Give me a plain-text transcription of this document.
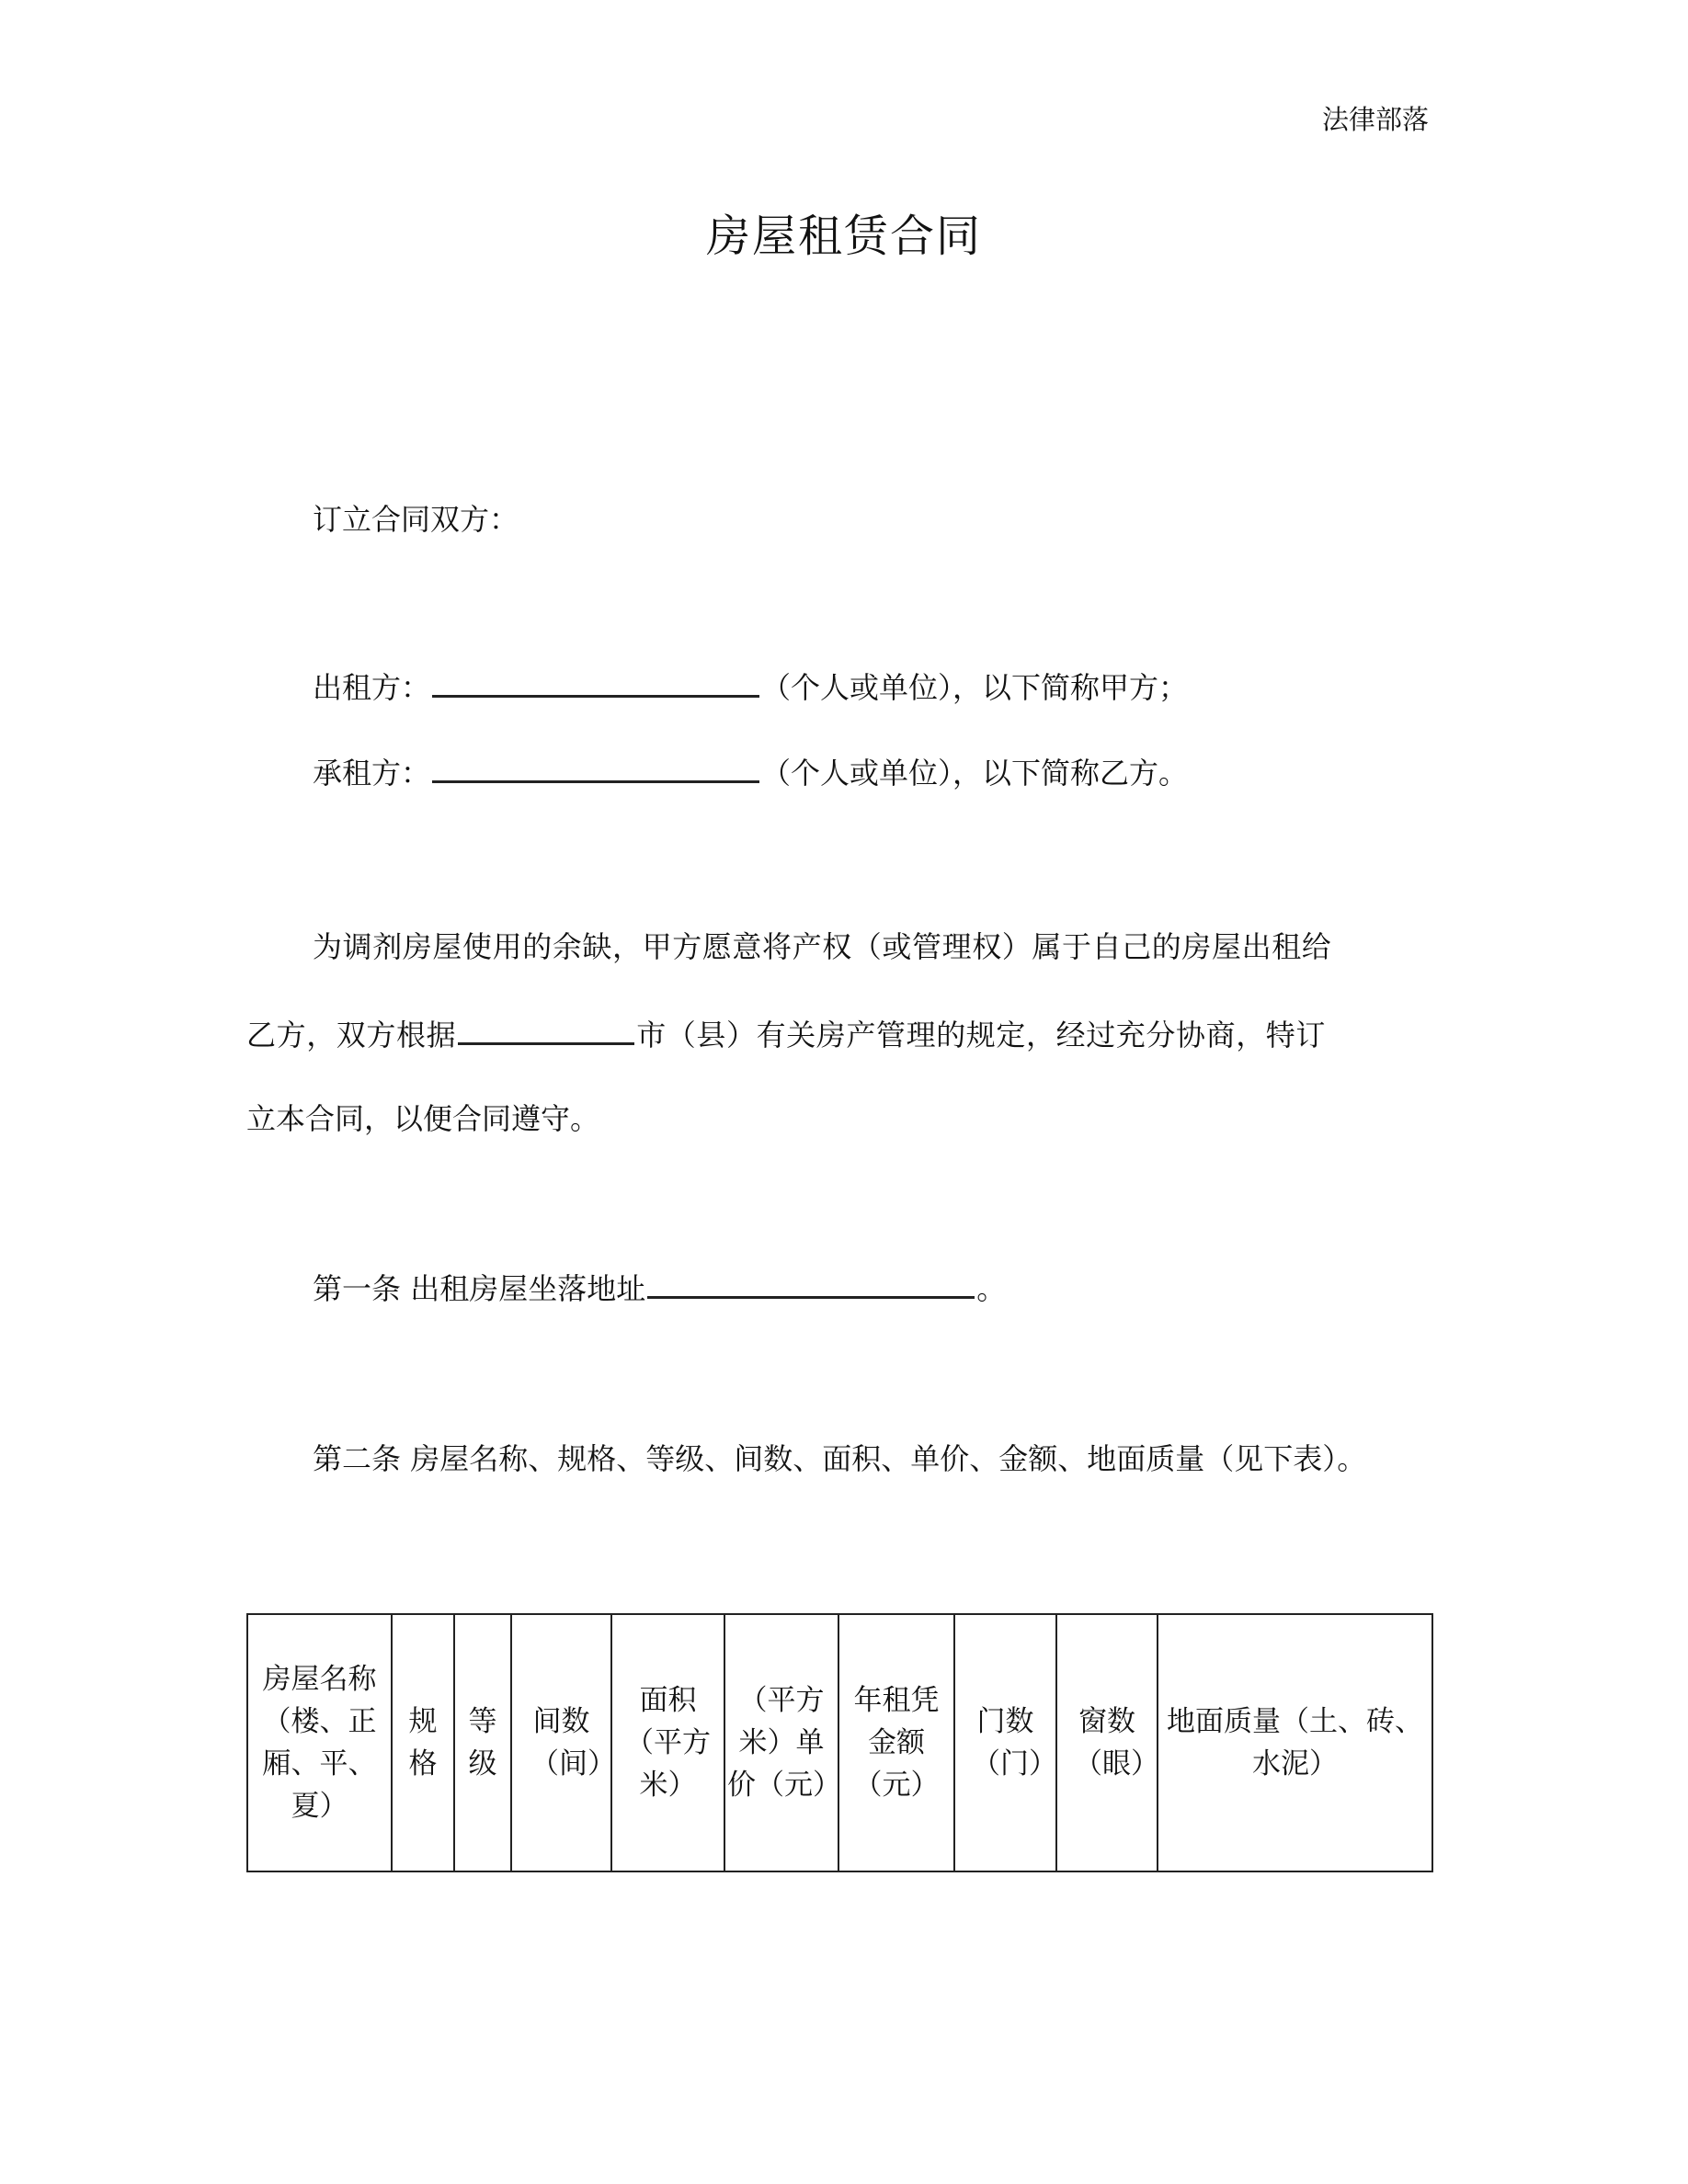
法律部落
房屋租赁合同
订立合同双方：
出租方：	（个人或单位），以下简称甲方；
承租方：	（个人或单位），以下简称乙方。
为调剂房屋使用的余缺，甲方愿意将产权（或管理权）属于自己的房屋出租给
乙方，双方根据	市（县）有关房产管理的规定，经过充分协商，特订
立本合同，以便合同遵守。
第一条 出租房屋坐落地址	。
第二条 房屋名称、规格、等级、间数、面积、单价、金额、地面质量（见下表）。
房屋名称（楼、正厢、平、夏）	规格	等级	间数（间）	面积（平方米）	（平方米）单价（元）	年租凭金额（元）	门数（门）	窗数（眼）	地面质量（土、砖、水泥）
